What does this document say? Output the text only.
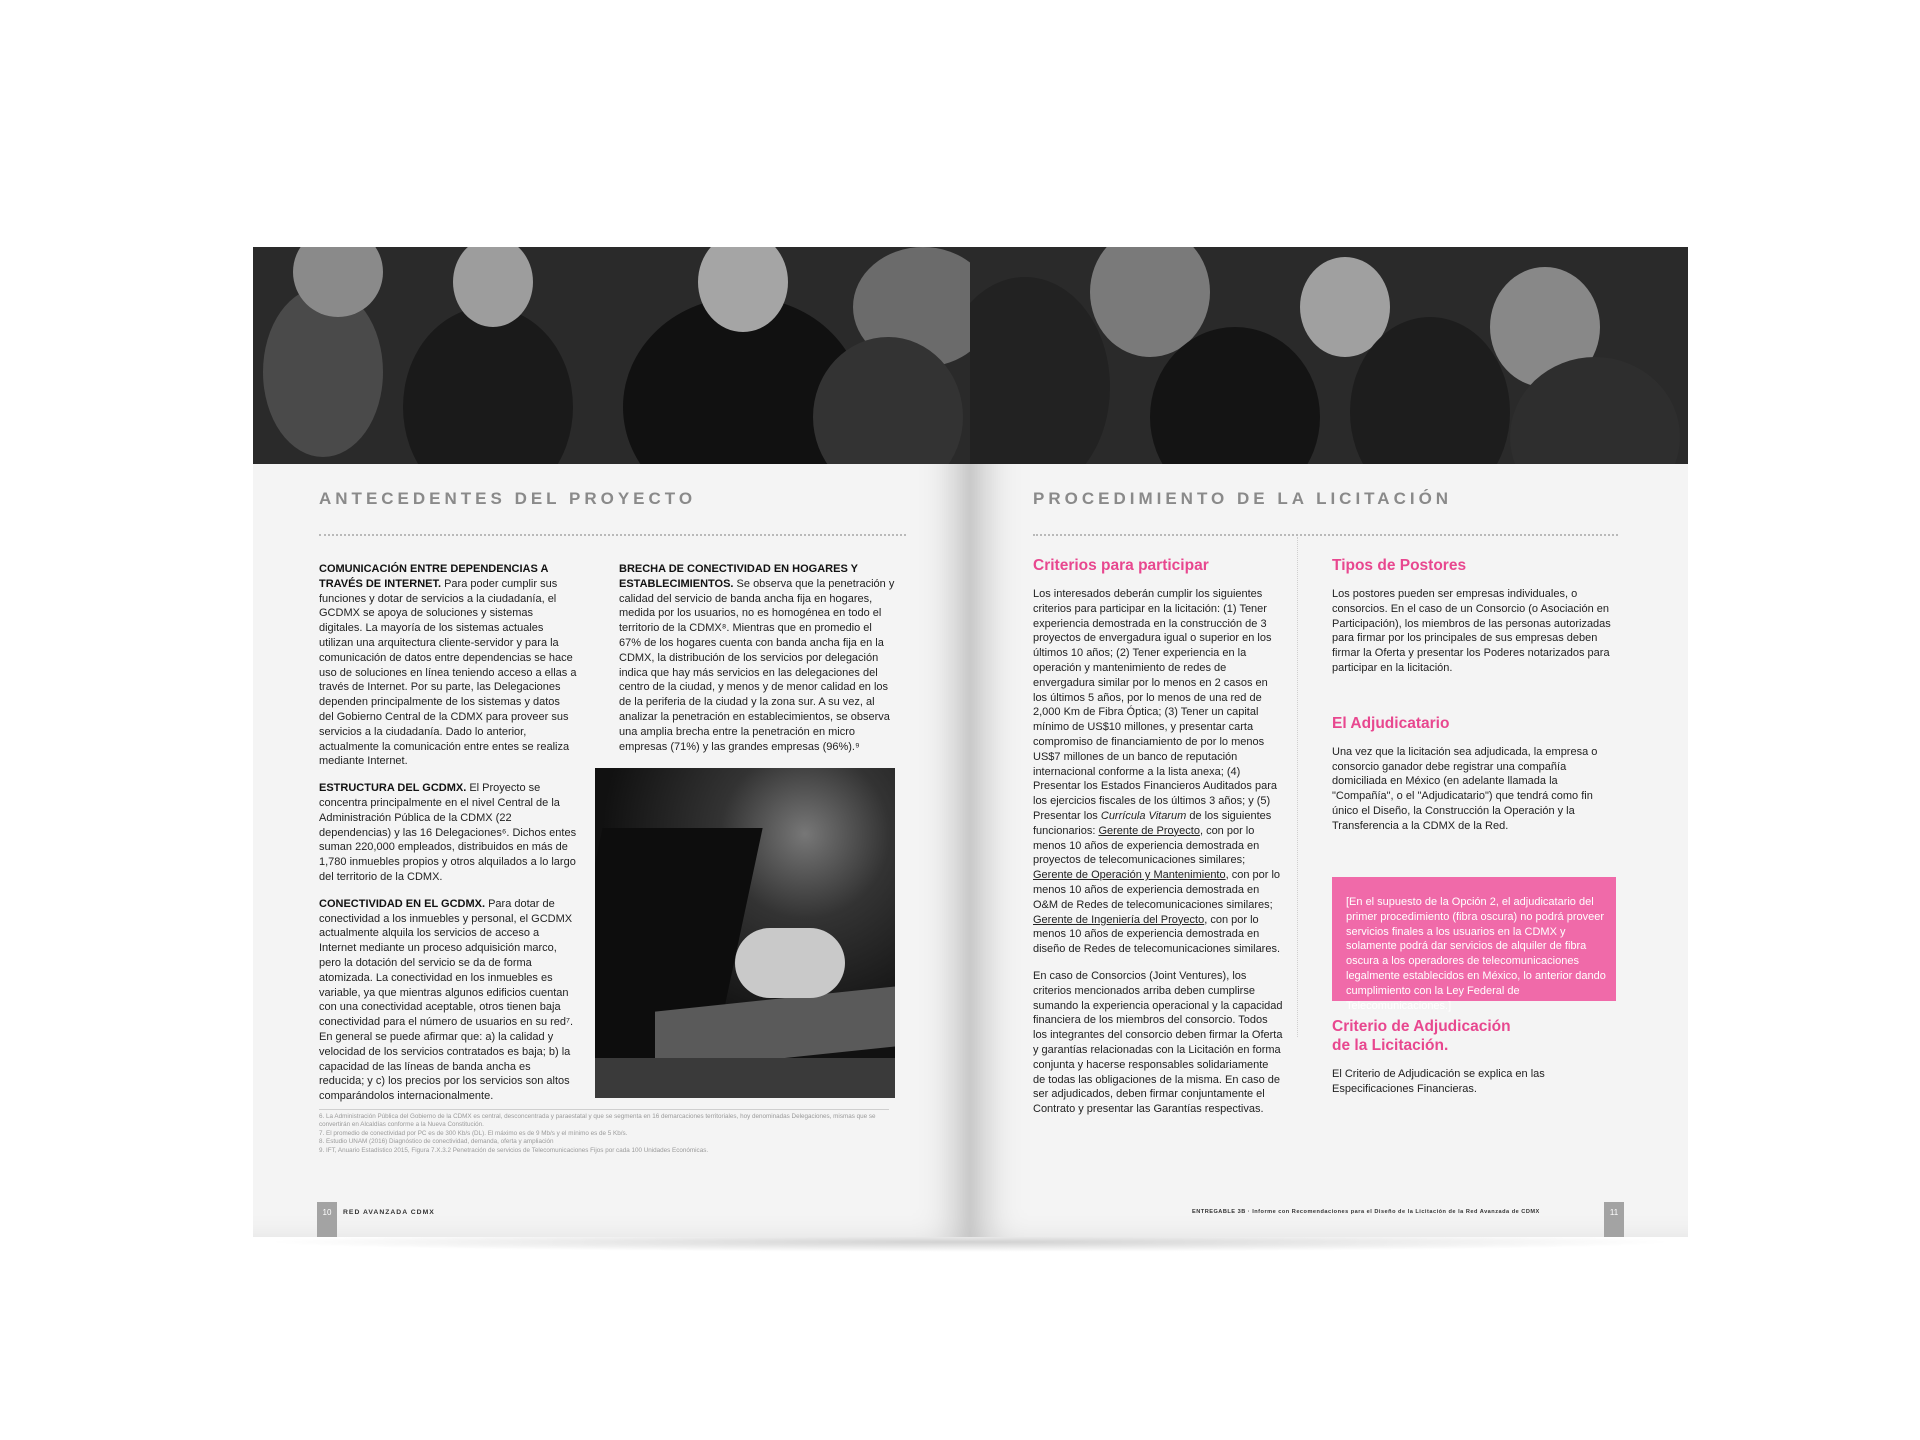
ANTECEDENTES DEL PROYECTO

COMUNICACIÓN ENTRE DEPENDENCIAS A TRAVÉS DE INTERNET. Para poder cumplir sus funciones y dotar de servicios a la ciudadanía, el GCDMX se apoya de soluciones y sistemas digitales. La mayoría de los sistemas actuales utilizan una arquitectura cliente-servidor y para la comunicación de datos entre dependencias se hace uso de soluciones en línea teniendo acceso a ellas a través de Internet. Por su parte, las Delegaciones dependen principalmente de los sistemas y datos del Gobierno Central de la CDMX para proveer sus servicios a la ciudadanía. Dado lo anterior, actualmente la comunicación entre entes se realiza mediante Internet.

ESTRUCTURA DEL GCDMX. El Proyecto se concentra principalmente en el nivel Central de la Administración Pública de la CDMX (22 dependencias) y las 16 Delegaciones⁶. Dichos entes suman 220,000 empleados, distribuidos en más de 1,780 inmuebles propios y otros alquilados a lo largo del territorio de la CDMX.

CONECTIVIDAD EN EL GCDMX. Para dotar de conectividad a los inmuebles y personal, el GCDMX actualmente alquila los servicios de acceso a Internet mediante un proceso adquisición marco, pero la dotación del servicio se da de forma atomizada. La conectividad en los inmuebles es variable, ya que mientras algunos edificios cuentan con una conectividad aceptable, otros tienen baja conectividad para el número de usuarios en su red⁷. En general se puede afirmar que: a) la calidad y velocidad de los servicios contratados es baja; b) la capacidad de las líneas de banda ancha es reducida; y c) los precios por los servicios son altos comparándolos internacionalmente.

BRECHA DE CONECTIVIDAD EN HOGARES Y ESTABLECIMIENTOS. Se observa que la penetración y calidad del servicio de banda ancha fija en hogares, medida por los usuarios, no es homogénea en todo el territorio de la CDMX⁸. Mientras que en promedio el 67% de los hogares cuenta con banda ancha fija en la CDMX, la distribución de los servicios por delegación indica que hay más servicios en las delegaciones del centro de la ciudad, y menos y de menor calidad en los de la periferia de la ciudad y la zona sur. A su vez, al analizar la penetración en establecimientos, se observa una amplia brecha entre la penetración en micro empresas (71%) y las grandes empresas (96%).⁹

6. La Administración Pública del Gobierno de la CDMX es central, desconcentrada y paraestatal y que se segmenta en 16 demarcaciones territoriales, hoy denominadas Delegaciones, mismas que se convertirán en Alcaldías conforme a la Nueva Constitución.
7. El promedio de conectividad por PC es de 300 Kb/s (DL). El máximo es de 9 Mb/s y el mínimo es de 5 Kb/s.
8. Estudio UNAM (2016) Diagnóstico de conectividad, demanda, oferta y ampliación
9. IFT, Anuario Estadístico 2015, Figura 7.X.3.2 Penetración de servicios de Telecomunicaciones Fijos por cada 100 Unidades Económicas.
10	RED AVANZADA CDMX
PROCEDIMIENTO DE LA LICITACIÓN
Criterios para participar

Los interesados deberán cumplir los siguientes criterios para participar en la licitación: (1) Tener experiencia demostrada en la construcción de 3 proyectos de envergadura igual o superior en los últimos 10 años; (2) Tener experiencia en la operación y mantenimiento de redes de envergadura similar por lo menos en 2 casos en los últimos 5 años, por lo menos de una red de 2,000 Km de Fibra Óptica; (3) Tener un capital mínimo de US$10 millones, y presentar carta compromiso de financiamiento de por lo menos US$7 millones de un banco de reputación internacional conforme a la lista anexa; (4) Presentar los Estados Financieros Auditados para los ejercicios fiscales de los últimos 3 años; y (5) Presentar los Currícula Vitarum de los siguientes funcionarios: Gerente de Proyecto, con por lo menos 10 años de experiencia demostrada en proyectos de telecomunicaciones similares; Gerente de Operación y Mantenimiento, con por lo menos 10 años de experiencia demostrada en O&M de Redes de telecomunicaciones similares; Gerente de Ingeniería del Proyecto, con por lo menos 10 años de experiencia demostrada en diseño de Redes de telecomunicaciones similares.

En caso de Consorcios (Joint Ventures), los criterios mencionados arriba deben cumplirse sumando la experiencia operacional y la capacidad financiera de los miembros del consorcio. Todos los integrantes del consorcio deben firmar la Oferta y garantías relacionadas con la Licitación en forma conjunta y hacerse responsables solidariamente de todas las obligaciones de la misma. En caso de ser adjudicados, deben firmar conjuntamente el Contrato y presentar las Garantías respectivas.

Tipos de Postores

Los postores pueden ser empresas individuales, o consorcios. En el caso de un Consorcio (o Asociación en Participación), los miembros de las personas autorizadas para firmar por los principales de sus empresas deben firmar la Oferta y presentar los Poderes notarizados para participar en la licitación.

El Adjudicatario

Una vez que la licitación sea adjudicada, la empresa o consorcio ganador debe registrar una compañía domiciliada en México (en adelante llamada la "Compañía", o el "Adjudicatario") que tendrá como fin único el Diseño, la Construcción la Operación y la Transferencia a la CDMX de la Red.

[En el supuesto de la Opción 2, el adjudicatario del primer procedimiento (fibra oscura) no podrá proveer servicios finales a los usuarios en la CDMX y solamente podrá dar servicios de alquiler de fibra oscura a los operadores de telecomunicaciones legalmente establecidos en México, lo anterior dando cumplimiento con la Ley Federal de Telecomunicaciones.]
Criterio de Adjudicación de la Licitación.

El Criterio de Adjudicación se explica en las Especificaciones Financieras.

ENTREGABLE 3B · Informe con Recomendaciones para el Diseño de la Licitación de la Red Avanzada de CDMX	11
